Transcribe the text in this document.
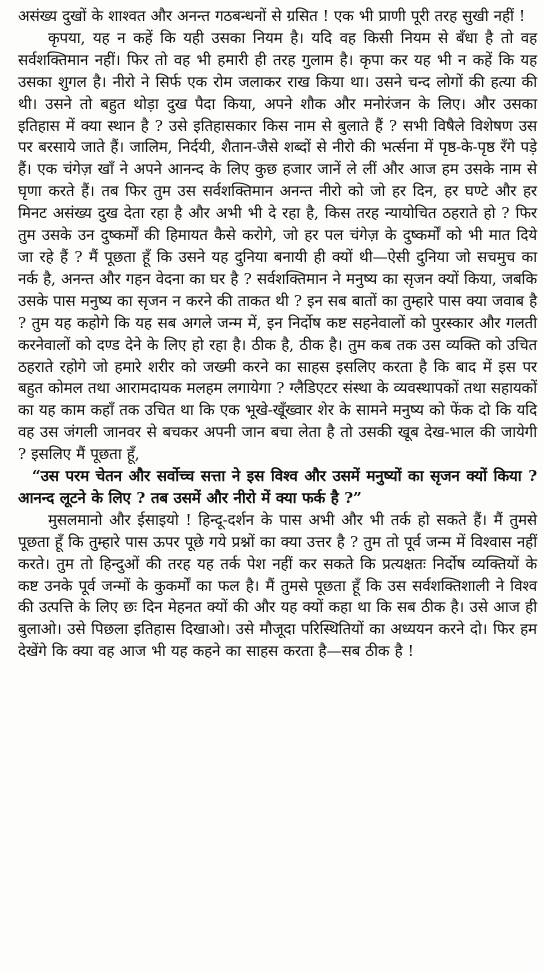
असंख्य दुखों के शाश्वत और अनन्त गठबन्धनों से ग्रसित ! एक भी प्राणी पूरी तरह सुखी नहीं !

कृपया, यह न कहें कि यही उसका नियम है। यदि वह किसी नियम से बँधा है तो वह सर्वशक्तिमान नहीं। फिर तो वह भी हमारी ही तरह गुलाम है। कृपा कर यह भी न कहें कि यह उसका शुगल है। नीरो ने सिर्फ एक रोम जलाकर राख किया था। उसने चन्द लोगों की हत्या की थी। उसने तो बहुत थोड़ा दुख पैदा किया, अपने शौक और मनोरंजन के लिए। और उसका इतिहास में क्या स्थान है ? उसे इतिहासकार किस नाम से बुलाते हैं ? सभी विषैले विशेषण उस पर बरसाये जाते हैं। जालिम, निर्दयी, शैतान-जैसे शब्दों से नीरो की भर्त्सना में पृष्ठ-के-पृष्ठ रँगे पड़े हैं। एक चंगेज़ खाँ ने अपने आनन्द के लिए कुछ हजार जानें ले लीं और आज हम उसके नाम से घृणा करते हैं। तब फिर तुम उस सर्वशक्तिमान अनन्त नीरो को जो हर दिन, हर घण्टे और हर मिनट असंख्य दुख देता रहा है और अभी भी दे रहा है, किस तरह न्यायोचित ठहराते हो ? फिर तुम उसके उन दुष्कर्मों की हिमायत कैसे करोगे, जो हर पल चंगेज़ के दुष्कर्मों को भी मात दिये जा रहे हैं ? मैं पूछता हूँ कि उसने यह दुनिया बनायी ही क्यों थी—ऐसी दुनिया जो सचमुच का नर्क है, अनन्त और गहन वेदना का घर है ? सर्वशक्तिमान ने मनुष्य का सृजन क्यों किया, जबकि उसके पास मनुष्य का सृजन न करने की ताकत थी ? इन सब बातों का तुम्हारे पास क्या जवाब है ? तुम यह कहोगे कि यह सब अगले जन्म में, इन निर्दोष कष्ट सहनेवालों को पुरस्कार और गलती करनेवालों को दण्ड देने के लिए हो रहा है। ठीक है, ठीक है। तुम कब तक उस व्यक्ति को उचित ठहराते रहोगे जो हमारे शरीर को जख्मी करने का साहस इसलिए करता है कि बाद में इस पर बहुत कोमल तथा आरामदायक मलहम लगायेगा ? ग्लैडिएटर संस्था के व्यवस्थापकों तथा सहायकों का यह काम कहाँ तक उचित था कि एक भूखे-खूँख्वार शेर के सामने मनुष्य को फेंक दो कि यदि वह उस जंगली जानवर से बचकर अपनी जान बचा लेता है तो उसकी खूब देख-भाल की जायेगी ? इसलिए मैं पूछता हूँ,

“उस परम चेतन और सर्वोच्च सत्ता ने इस विश्व और उसमें मनुष्यों का सृजन क्यों किया ? आनन्द लूटने के लिए ? तब उसमें और नीरो में क्या फर्क है ?”

मुसलमानो और ईसाइयो ! हिन्दू-दर्शन के पास अभी और भी तर्क हो सकते हैं। मैं तुमसे पूछता हूँ कि तुम्हारे पास ऊपर पूछे गये प्रश्नों का क्या उत्तर है ? तुम तो पूर्व जन्म में विश्वास नहीं करते। तुम तो हिन्दुओं की तरह यह तर्क पेश नहीं कर सकते कि प्रत्यक्षतः निर्दोष व्यक्तियों के कष्ट उनके पूर्व जन्मों के कुकर्मों का फल है। मैं तुमसे पूछता हूँ कि उस सर्वशक्तिशाली ने विश्व की उत्पत्ति के लिए छः दिन मेहनत क्यों की और यह क्यों कहा था कि सब ठीक है। उसे आज ही बुलाओ। उसे पिछला इतिहास दिखाओ। उसे मौजूदा परिस्थितियों का अध्ययन करने दो। फिर हम देखेंगे कि क्या वह आज भी यह कहने का साहस करता है—सब ठीक है !
